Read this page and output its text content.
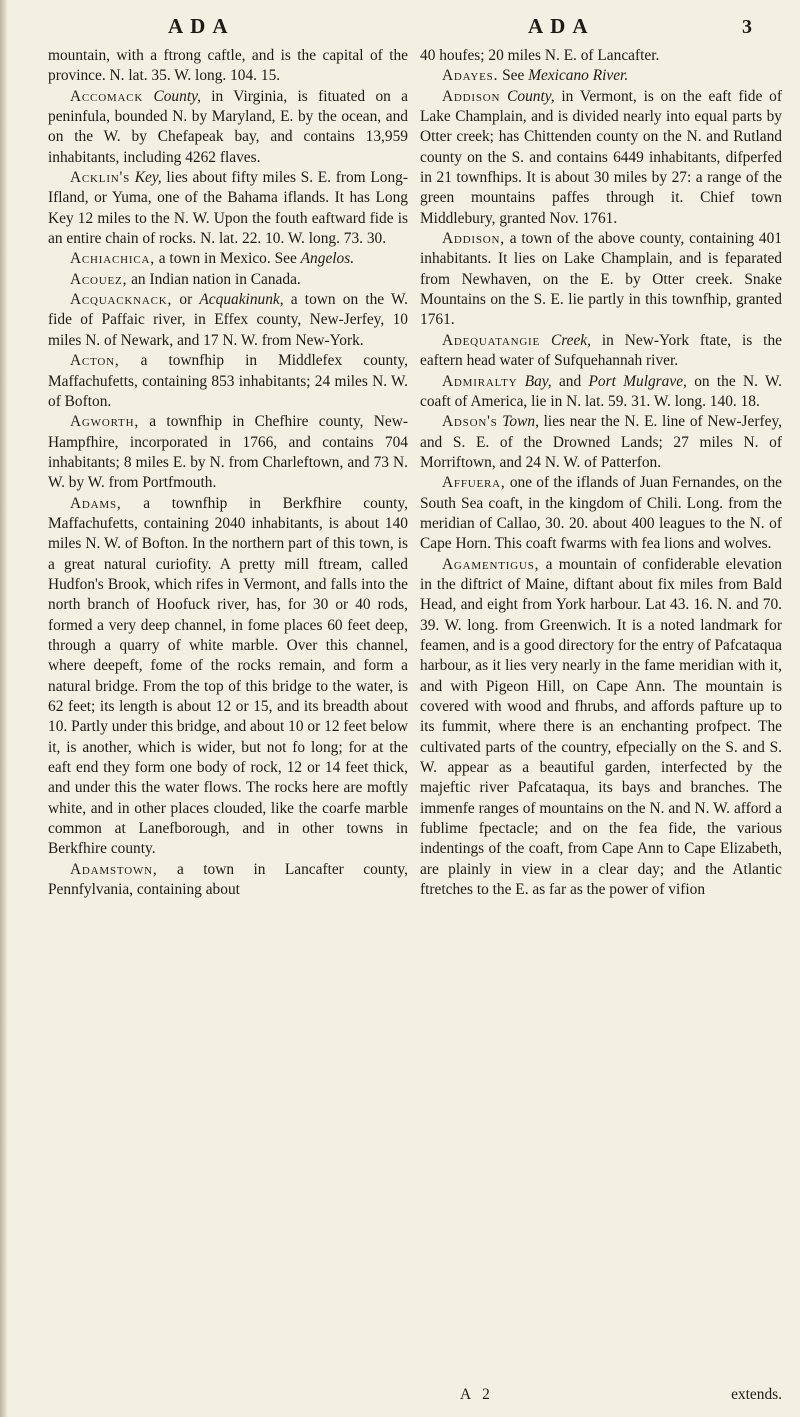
ADA	ADA	3

mountain, with a ftrong caftle, and is the capital of the province. N. lat. 35. W. long. 104. 15.

Accomack County, in Virginia, is fituated on a peninfula, bounded N. by Maryland, E. by the ocean, and on the W. by Chefapeak bay, and contains 13,959 inhabitants, including 4262 flaves.

Acklin's Key, lies about fifty miles S. E. from Long-Ifland, or Yuma, one of the Bahama iflands. It has Long Key 12 miles to the N. W. Upon the fouth eaftward fide is an entire chain of rocks. N. lat. 22. 10. W. long. 73. 30.

Achiachica, a town in Mexico. See Angelos.

Acouez, an Indian nation in Canada.

Acquacknack, or Acquakinunk, a town on the W. fide of Paffaic river, in Effex county, New-Jerfey, 10 miles N. of Newark, and 17 N. W. from New-York.

Acton, a townfhip in Middlefex county, Maffachufetts, containing 853 inhabitants; 24 miles N. W. of Bofton.

Agworth, a townfhip in Chefhire county, New-Hampfhire, incorporated in 1766, and contains 704 inhabitants; 8 miles E. by N. from Charleftown, and 73 N. W. by W. from Portfmouth.

Adams, a townfhip in Berkfhire county, Maffachufetts, containing 2040 inhabitants, is about 140 miles N. W. of Bofton. In the northern part of this town, is a great natural curiofity. A pretty mill ftream, called Hudfon's Brook, which rifes in Vermont, and falls into the north branch of Hoofuck river, has, for 30 or 40 rods, formed a very deep channel, in fome places 60 feet deep, through a quarry of white marble. Over this channel, where deepeft, fome of the rocks remain, and form a natural bridge. From the top of this bridge to the water, is 62 feet; its length is about 12 or 15, and its breadth about 10. Partly under this bridge, and about 10 or 12 feet below it, is another, which is wider, but not fo long; for at the eaft end they form one body of rock, 12 or 14 feet thick, and under this the water flows. The rocks here are moftly white, and in other places clouded, like the coarfe marble common at Lanefborough, and in other towns in Berkfhire county.

Adamstown, a town in Lancafter county, Pennfylvania, containing about

40 houfes; 20 miles N. E. of Lancafter.

Adayes. See Mexicano River.

Addison County, in Vermont, is on the eaft fide of Lake Champlain, and is divided nearly into equal parts by Otter creek; has Chittenden county on the N. and Rutland county on the S. and contains 6449 inhabitants, difperfed in 21 townfhips. It is about 30 miles by 27: a range of the green mountains paffes through it. Chief town Middlebury, granted Nov. 1761.

Addison, a town of the above county, containing 401 inhabitants. It lies on Lake Champlain, and is feparated from Newhaven, on the E. by Otter creek. Snake Mountains on the S. E. lie partly in this townfhip, granted 1761.

Adequatangie Creek, in New-York ftate, is the eaftern head water of Sufquehannah river.

Admiralty Bay, and Port Mulgrave, on the N. W. coaft of America, lie in N. lat. 59. 31. W. long. 140. 18.

Adson's Town, lies near the N. E. line of New-Jerfey, and S. E. of the Drowned Lands; 27 miles N. of Morriftown, and 24 N. W. of Patterfon.

Affuera, one of the iflands of Juan Fernandes, on the South Sea coaft, in the kingdom of Chili. Long. from the meridian of Callao, 30. 20. about 400 leagues to the N. of Cape Horn. This coaft fwarms with fea lions and wolves.

Agamentigus, a mountain of confiderable elevation in the diftrict of Maine, diftant about fix miles from Bald Head, and eight from York harbour. Lat 43. 16. N. and 70. 39. W. long. from Greenwich. It is a noted landmark for feamen, and is a good directory for the entry of Pafcataqua harbour, as it lies very nearly in the fame meridian with it, and with Pigeon Hill, on Cape Ann. The mountain is covered with wood and fhrubs, and affords pafture up to its fummit, where there is an enchanting profpect. The cultivated parts of the country, efpecially on the S. and S. W. appear as a beautiful garden, interfected by the majeftic river Pafcataqua, its bays and branches. The immenfe ranges of mountains on the N. and N. W. afford a fublime fpectacle; and on the fea fide, the various indentings of the coaft, from Cape Ann to Cape Elizabeth, are plainly in view in a clear day; and the Atlantic ftretches to the E. as far as the power of vifion

A 2	extends.
